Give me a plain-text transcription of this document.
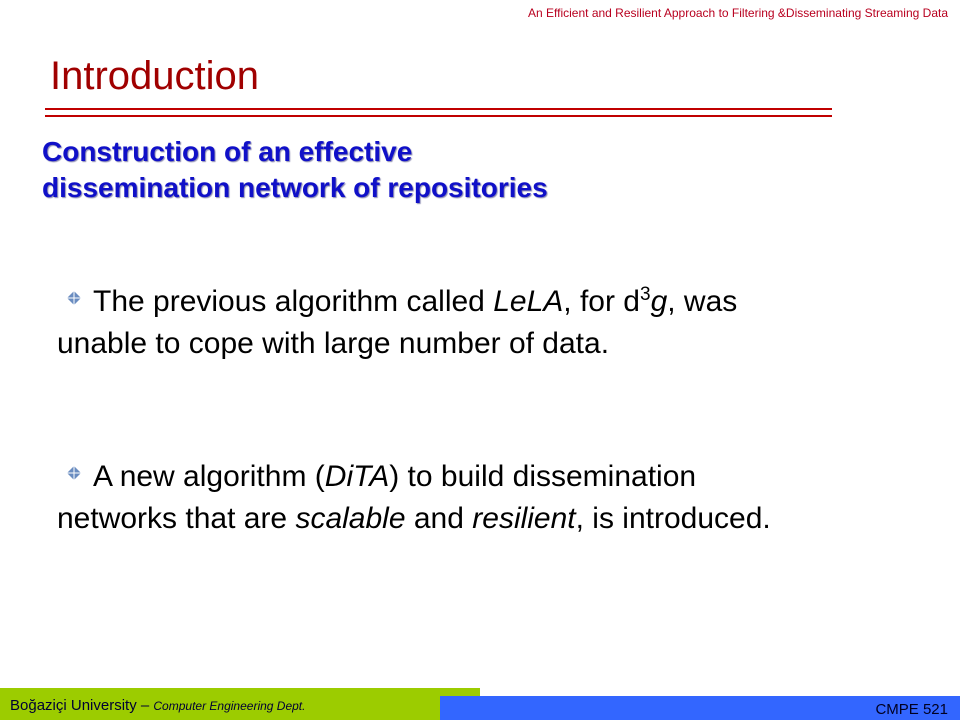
An Efficient and Resilient Approach to Filtering &Disseminating Streaming Data
Introduction
Construction of an effective
dissemination network of repositories
The previous algorithm called LeLA, for $d^3g$, was unable to cope with large number of data.
A new algorithm (DiTA) to build dissemination networks that are scalable and resilient, is introduced.
Boğaziçi University – Computer Engineering Dept.	CMPE 521
